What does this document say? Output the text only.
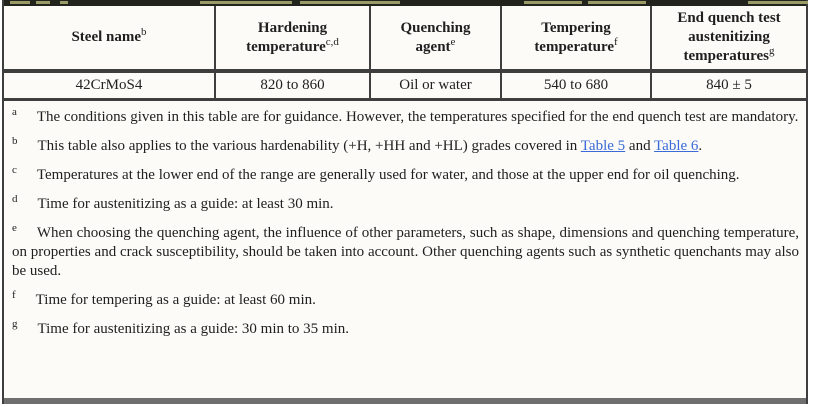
Steel name$^b$	Hardening temperature$^{c,d}$	Quenching agent$^e$	Tempering temperature$^f$	End quench test austenitizing temperatures$^g$
42CrMoS4	820 to 860	Oil or water	540 to 680	840 ± 5

$^a$ The conditions given in this table are for guidance. However, the temperatures specified for the end quench test are mandatory.

$^b$ This table also applies to the various hardenability (+H, +HH and +HL) grades covered in Table 5 and Table 6.

$^c$ Temperatures at the lower end of the range are generally used for water, and those at the upper end for oil quenching.

$^d$ Time for austenitizing as a guide: at least 30 min.

$^e$ When choosing the quenching agent, the influence of other parameters, such as shape, dimensions and quenching temperature, on properties and crack susceptibility, should be taken into account. Other quenching agents such as synthetic quenchants may also be used.

$^f$ Time for tempering as a guide: at least 60 min.

$^g$ Time for austenitizing as a guide: 30 min to 35 min.
